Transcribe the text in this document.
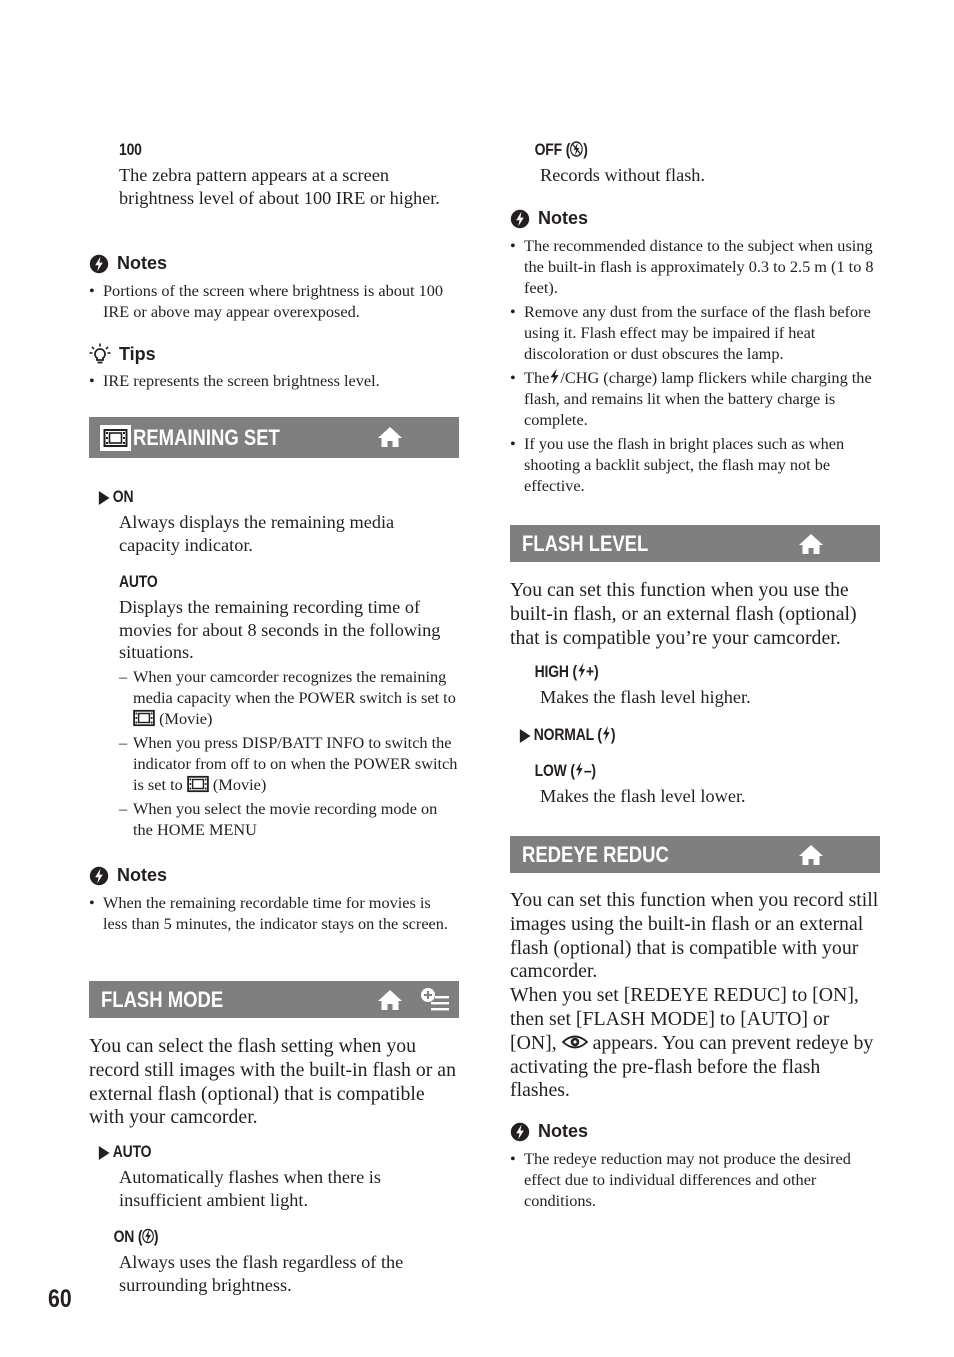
100
The zebra pattern appears at a screen brightness level of about 100 IRE or higher.
Notes
• Portions of the screen where brightness is about 100 IRE or above may appear overexposed.
Tips
• IRE represents the screen brightness level.
REMAINING SET
ON
Always displays the remaining media capacity indicator.
AUTO
Displays the remaining recording time of movies for about 8 seconds in the following situations.
– When your camcorder recognizes the remaining media capacity when the POWER switch is set to  (Movie)
– When you press DISP/BATT INFO to switch the indicator from off to on when the POWER switch is set to (Movie)
– When you select the movie recording mode on the HOME MENU
Notes
• When the remaining recordable time for movies is less than 5 minutes, the indicator stays on the screen.
FLASH MODE
You can select the flash setting when you record still images with the built-in flash or an external flash (optional) that is compatible with your camcorder.
AUTO
Automatically flashes when there is insufficient ambient light.
ON ( )
Always uses the flash regardless of the surrounding brightness.
OFF ( )
Records without flash.
Notes
• The recommended distance to the subject when using the built-in flash is approximately 0.3 to 2.5 m (1 to 8 feet).
• Remove any dust from the surface of the flash before using it. Flash effect may be impaired if heat discoloration or dust obscures the lamp.
• The /CHG (charge) lamp flickers while charging the flash, and remains lit when the battery charge is complete.
• If you use the flash in bright places such as when shooting a backlit subject, the flash may not be effective.
FLASH LEVEL
You can set this function when you use the built-in flash, or an external flash (optional) that is compatible you’re your camcorder.
HIGH ( +)
Makes the flash level higher.
NORMAL ( )
LOW ( –)
Makes the flash level lower.
REDEYE REDUC
You can set this function when you record still images using the built-in flash or an external flash (optional) that is compatible with your camcorder.
When you set [REDEYE REDUC] to [ON], then set [FLASH MODE] to [AUTO] or [ON], appears. You can prevent redeye by activating the pre-flash before the flash flashes.
Notes
• The redeye reduction may not produce the desired effect due to individual differences and other conditions.
60
